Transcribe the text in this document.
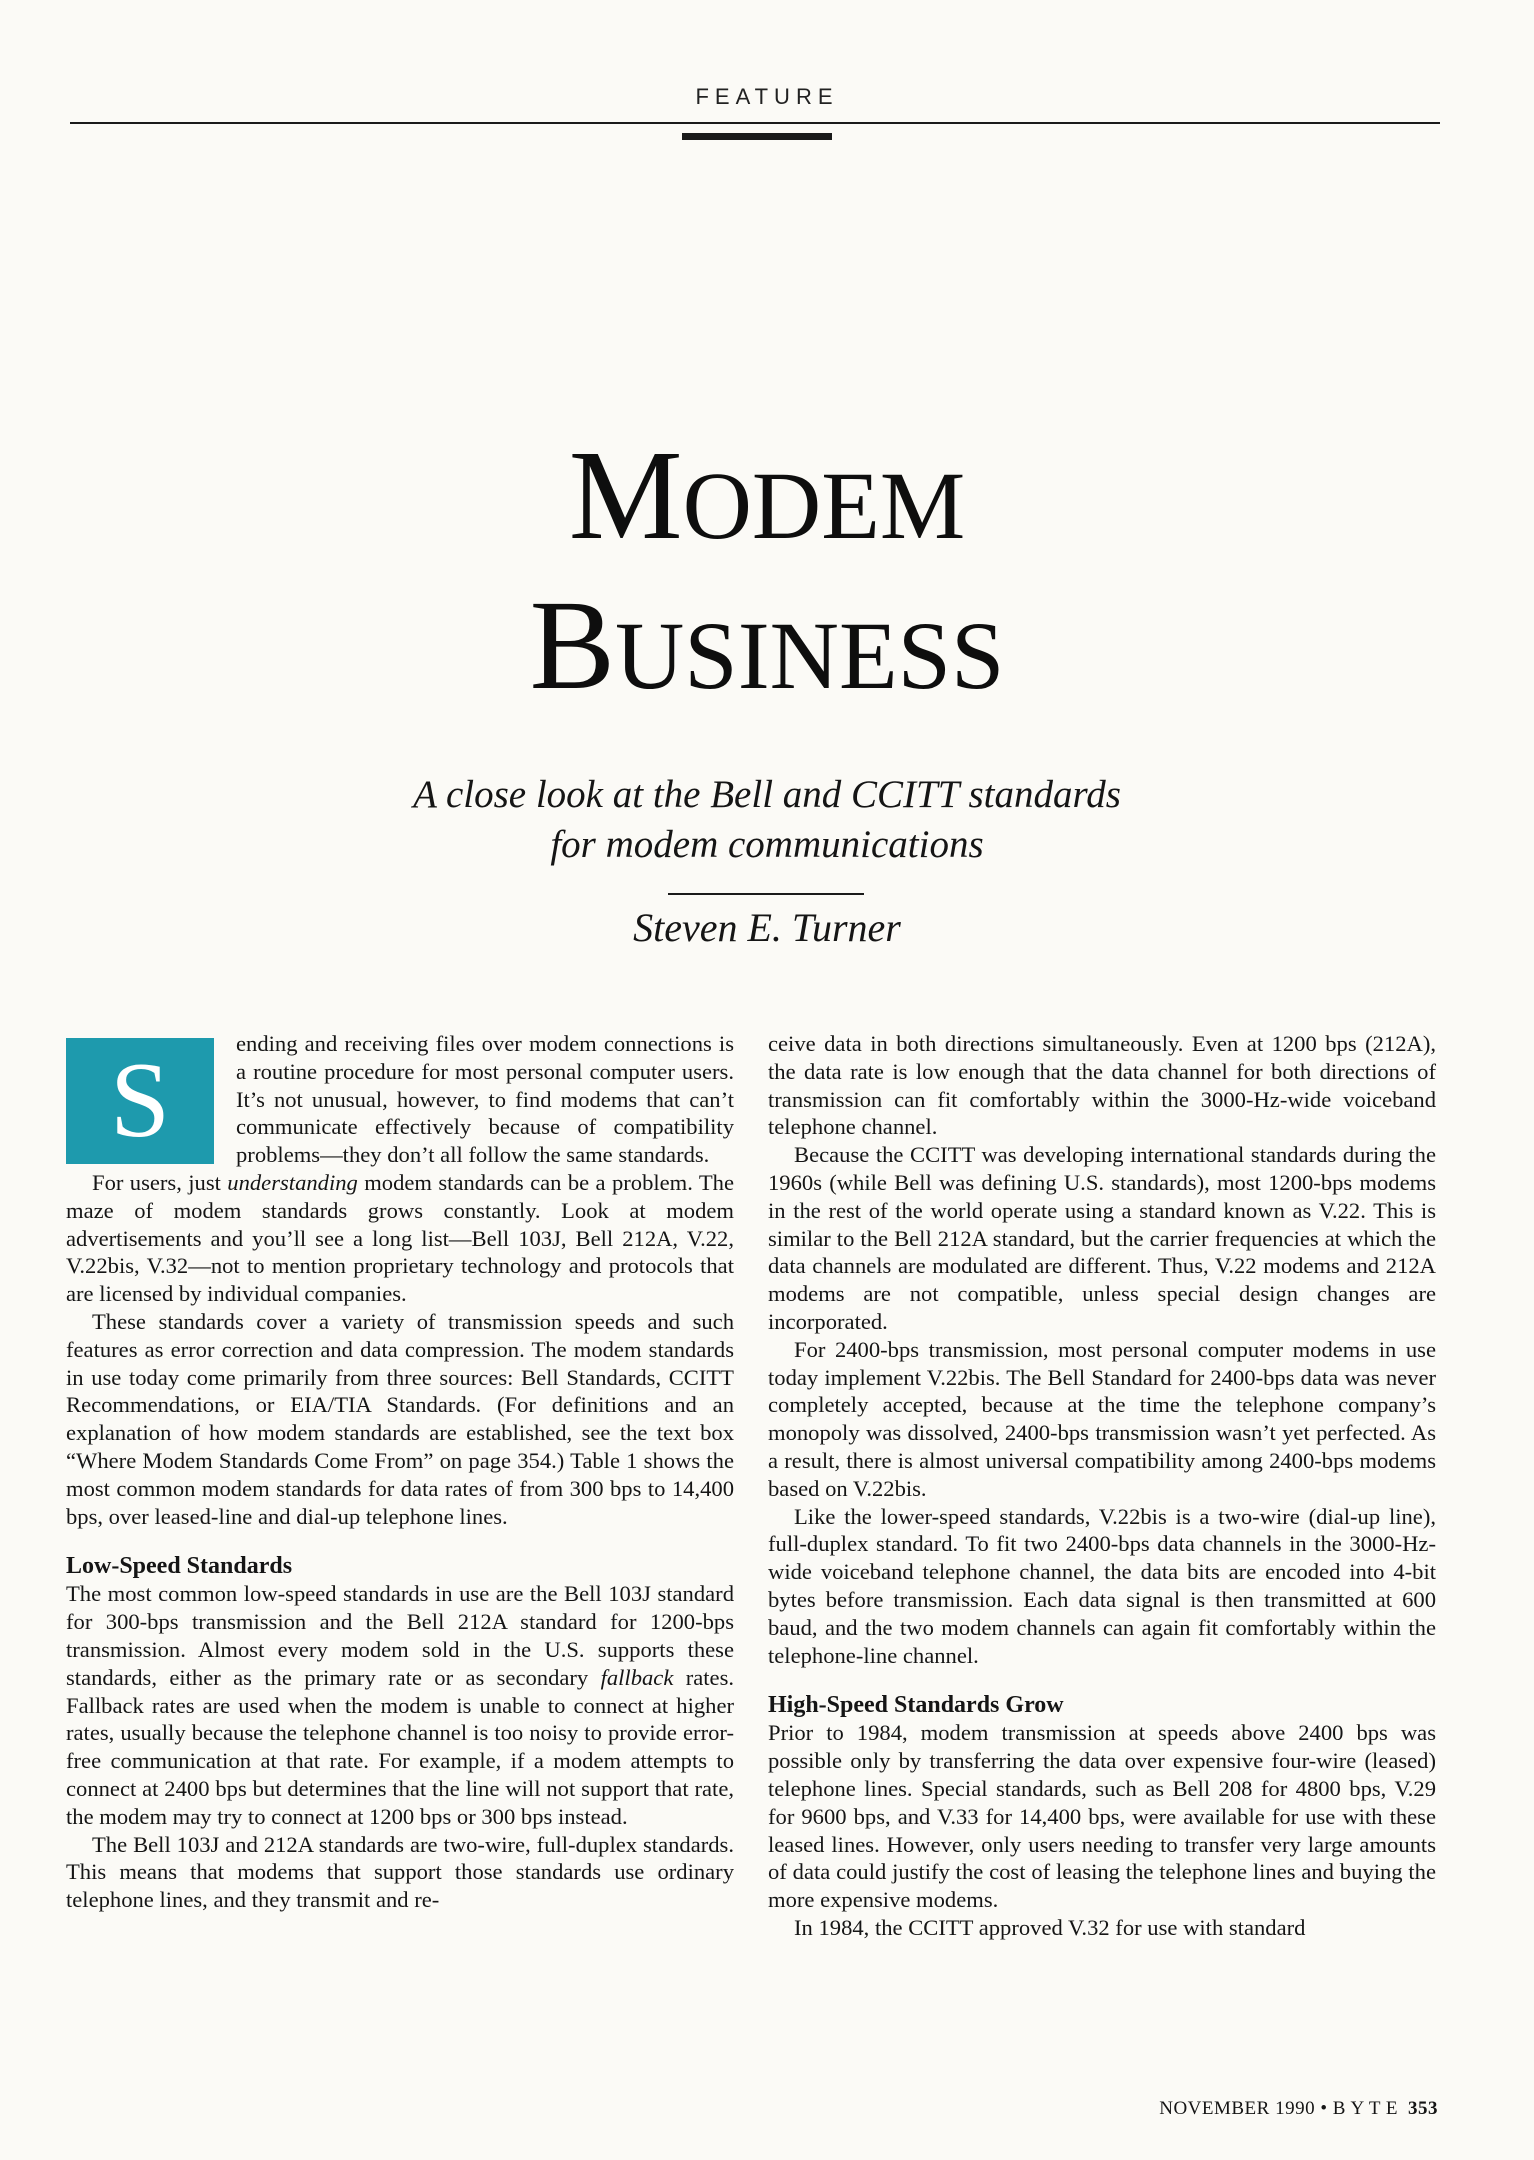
FEATURE
MODEM
BUSINESS
A close look at the Bell and CCITT standards
for modem communications
Steven E. Turner
S	ending and receiving files over modem connections is a routine procedure for most personal computer users. It’s not unusual, however, to find modems that can’t communicate effectively because of compatibility problems—they don’t all follow the same standards.

For users, just understanding modem standards can be a problem. The maze of modem standards grows constantly. Look at modem advertisements and you’ll see a long list—Bell 103J, Bell 212A, V.22, V.22bis, V.32—not to mention proprietary technology and protocols that are licensed by individual companies.

These standards cover a variety of transmission speeds and such features as error correction and data compression. The modem standards in use today come primarily from three sources: Bell Standards, CCITT Recommendations, or EIA/TIA Standards. (For definitions and an explanation of how modem standards are established, see the text box “Where Modem Standards Come From” on page 354.) Table 1 shows the most common modem standards for data rates of from 300 bps to 14,400 bps, over leased-line and dial-up telephone lines.

Low-Speed Standards

The most common low-speed standards in use are the Bell 103J standard for 300-bps transmission and the Bell 212A standard for 1200-bps transmission. Almost every modem sold in the U.S. supports these standards, either as the primary rate or as secondary fallback rates. Fallback rates are used when the modem is unable to connect at higher rates, usually because the telephone channel is too noisy to provide error-free communication at that rate. For example, if a modem attempts to connect at 2400 bps but determines that the line will not support that rate, the modem may try to connect at 1200 bps or 300 bps instead.

The Bell 103J and 212A standards are two-wire, full-duplex standards. This means that modems that support those standards use ordinary telephone lines, and they transmit and re-

ceive data in both directions simultaneously. Even at 1200 bps (212A), the data rate is low enough that the data channel for both directions of transmission can fit comfortably within the 3000-Hz-wide voiceband telephone channel.

Because the CCITT was developing international standards during the 1960s (while Bell was defining U.S. standards), most 1200-bps modems in the rest of the world operate using a standard known as V.22. This is similar to the Bell 212A standard, but the carrier frequencies at which the data channels are modulated are different. Thus, V.22 modems and 212A modems are not compatible, unless special design changes are incorporated.

For 2400-bps transmission, most personal computer modems in use today implement V.22bis. The Bell Standard for 2400-bps data was never completely accepted, because at the time the telephone company’s monopoly was dissolved, 2400-bps transmission wasn’t yet perfected. As a result, there is almost universal compatibility among 2400-bps modems based on V.22bis.

Like the lower-speed standards, V.22bis is a two-wire (dial-up line), full-duplex standard. To fit two 2400-bps data channels in the 3000-Hz-wide voiceband telephone channel, the data bits are encoded into 4-bit bytes before transmission. Each data signal is then transmitted at 600 baud, and the two modem channels can again fit comfortably within the telephone-line channel.

High-Speed Standards Grow

Prior to 1984, modem transmission at speeds above 2400 bps was possible only by transferring the data over expensive four-wire (leased) telephone lines. Special standards, such as Bell 208 for 4800 bps, V.29 for 9600 bps, and V.33 for 14,400 bps, were available for use with these leased lines. However, only users needing to transfer very large amounts of data could justify the cost of leasing the telephone lines and buying the more expensive modems.

In 1984, the CCITT approved V.32 for use with standard

NOVEMBER 1990 • B Y T E 353
